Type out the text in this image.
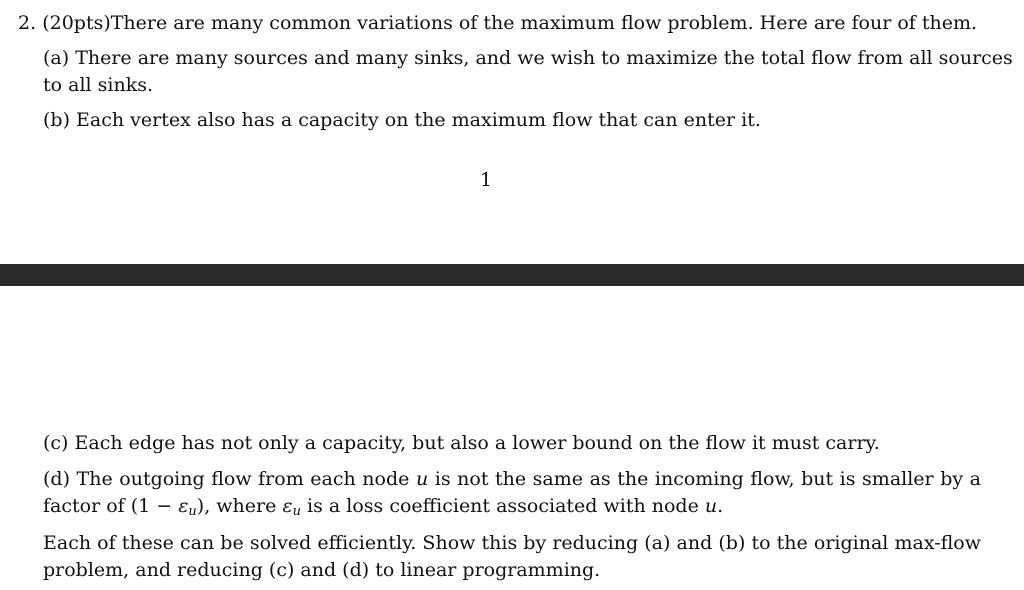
2. (20pts)There are many common variations of the maximum flow problem. Here are four of them.
(a) There are many sources and many sinks, and we wish to maximize the total flow from all sources
to all sinks.
(b) Each vertex also has a capacity on the maximum flow that can enter it.
1
(c) Each edge has not only a capacity, but also a lower bound on the flow it must carry.
(d) The outgoing flow from each node u is not the same as the incoming flow, but is smaller by a
factor of $(1 - \varepsilon_u)$, where $\varepsilon_u$ is a loss coefficient associated with node u.
Each of these can be solved efficiently. Show this by reducing (a) and (b) to the original max-flow
problem, and reducing (c) and (d) to linear programming.
